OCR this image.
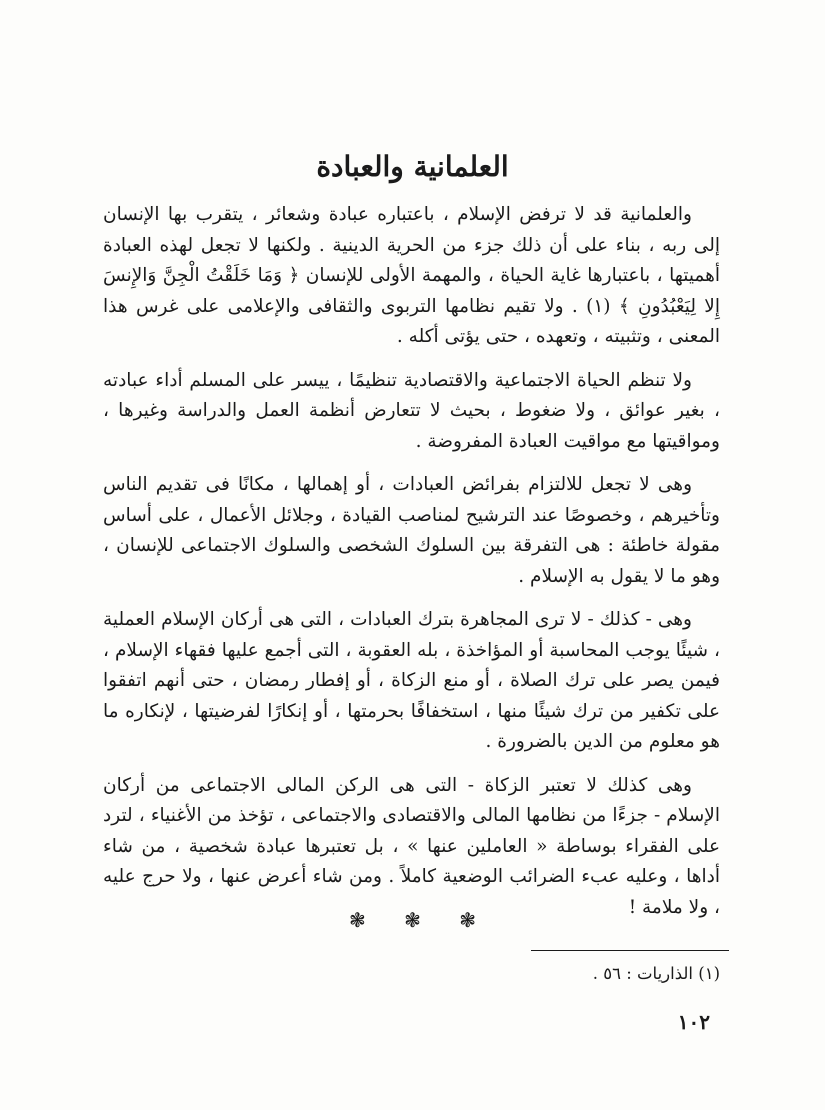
العلمانية والعبادة

والعلمانية قد لا ترفض الإسلام ، باعتباره عبادة وشعائر ، يتقرب بها الإنسان إلى ربه ، بناء على أن ذلك جزء من الحرية الدينية . ولكنها لا تجعل لهذه العبادة أهميتها ، باعتبارها غاية الحياة ، والمهمة الأولى للإنسان ﴿ وَمَا خَلَقْتُ الْجِنَّ وَالإِنسَ إِلا لِيَعْبُدُونِ ﴾ (١) . ولا تقيم نظامها التربوى والثقافى والإعلامى على غرس هذا المعنى ، وتثبيته ، وتعهده ، حتى يؤتى أكله .

ولا تنظم الحياة الاجتماعية والاقتصادية تنظيمًا ، ييسر على المسلم أداء عبادته ، بغير عوائق ، ولا ضغوط ، بحيث لا تتعارض أنظمة العمل والدراسة وغيرها ، ومواقيتها مع مواقيت العبادة المفروضة .

وهى لا تجعل للالتزام بفرائض العبادات ، أو إهمالها ، مكانًا فى تقديم الناس وتأخيرهم ، وخصوصًا عند الترشيح لمناصب القيادة ، وجلائل الأعمال ، على أساس مقولة خاطئة : هى التفرقة بين السلوك الشخصى والسلوك الاجتماعى للإنسان ، وهو ما لا يقول به الإسلام .

وهى - كذلك - لا ترى المجاهرة بترك العبادات ، التى هى أركان الإسلام العملية ، شيئًا يوجب المحاسبة أو المؤاخذة ، بله العقوبة ، التى أجمع عليها فقهاء الإسلام ، فيمن يصر على ترك الصلاة ، أو منع الزكاة ، أو إفطار رمضان ، حتى أنهم اتفقوا على تكفير من ترك شيئًا منها ، استخفافًا بحرمتها ، أو إنكارًا لفرضيتها ، لإنكاره ما هو معلوم من الدين بالضرورة .

وهى كذلك لا تعتبر الزكاة - التى هى الركن المالى الاجتماعى من أركان الإسلام - جزءًا من نظامها المالى والاقتصادى والاجتماعى ، تؤخذ من الأغنياء ، لترد على الفقراء بوساطة « العاملين عنها » ، بل تعتبرها عبادة شخصية ، من شاء أداها ، وعليه عبء الضرائب الوضعية كاملاً . ومن شاء أعرض عنها ، ولا حرج عليه ، ولا ملامة !

❃ ❃ ❃
(١) الذاريات : ٥٦ .
١٠٢
